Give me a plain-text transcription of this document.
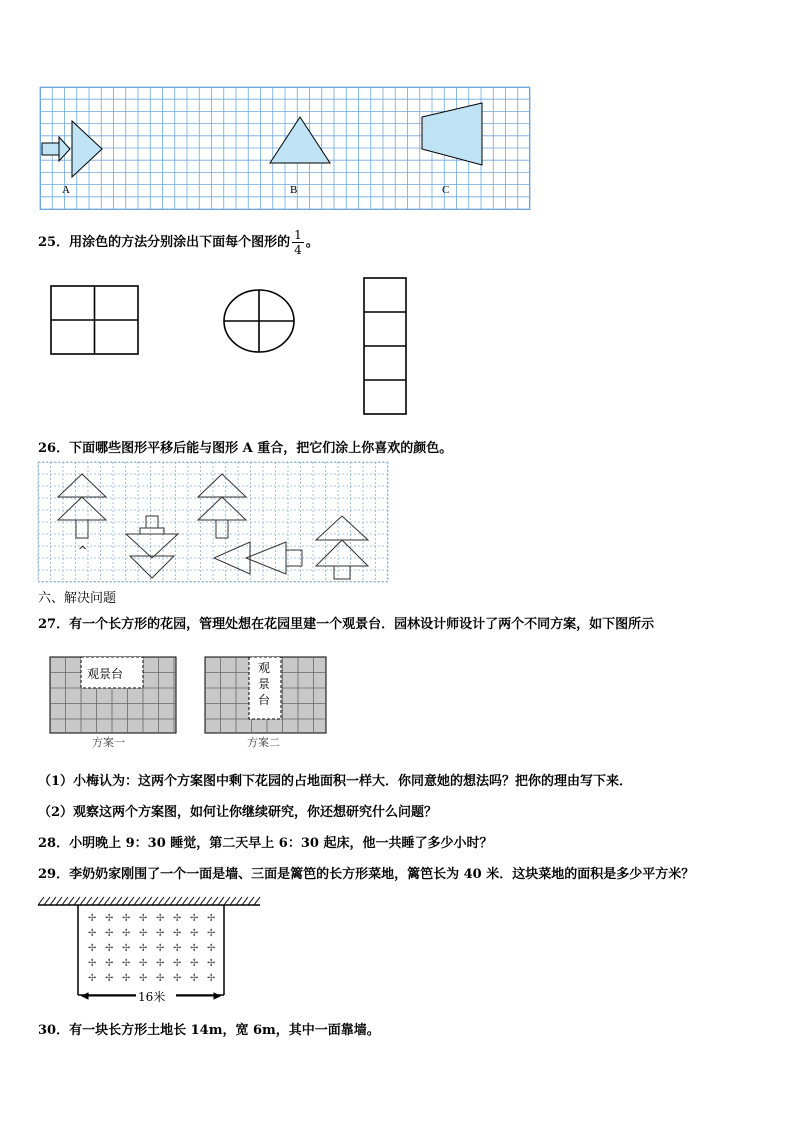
A	B	C
25．用涂色的方法分别涂出下面每个图形的 $\frac{1}{4}$ 。
26．下面哪些图形平移后能与图形 A 重合，把它们涂上你喜欢的颜色。
^
六、解决问题
27．有一个长方形的花园，管理处想在花园里建一个观景台．园林设计师设计了两个不同方案，如下图所示
观景台	观
景
台
方案一	方案二
（1）小梅认为：这两个方案图中剩下花园的占地面积一样大．你同意她的想法吗？把你的理由写下来．
（2）观察这两个方案图，如何让你继续研究，你还想研究什么问题？
28．小明晚上 9：30 睡觉，第二天早上 6：30 起床，他一共睡了多少小时？
29．李奶奶家刚围了一个一面是墙、三面是篱笆的长方形菜地，篱笆长为 40 米．这块菜地的面积是多少平方米？
✢ ✢ ✢ ✢ ✢ ✢ ✢ ✢
✢ ✢ ✢ ✢ ✢ ✢ ✢ ✢
✢ ✢ ✢ ✢ ✢ ✢ ✢ ✢
✢ ✢ ✢ ✢ ✢ ✢ ✢ ✢
✢ ✢ ✢ ✢ ✢ ✢ ✢ ✢
16米
30．有一块长方形土地长 14m，宽 6m，其中一面靠墙。
